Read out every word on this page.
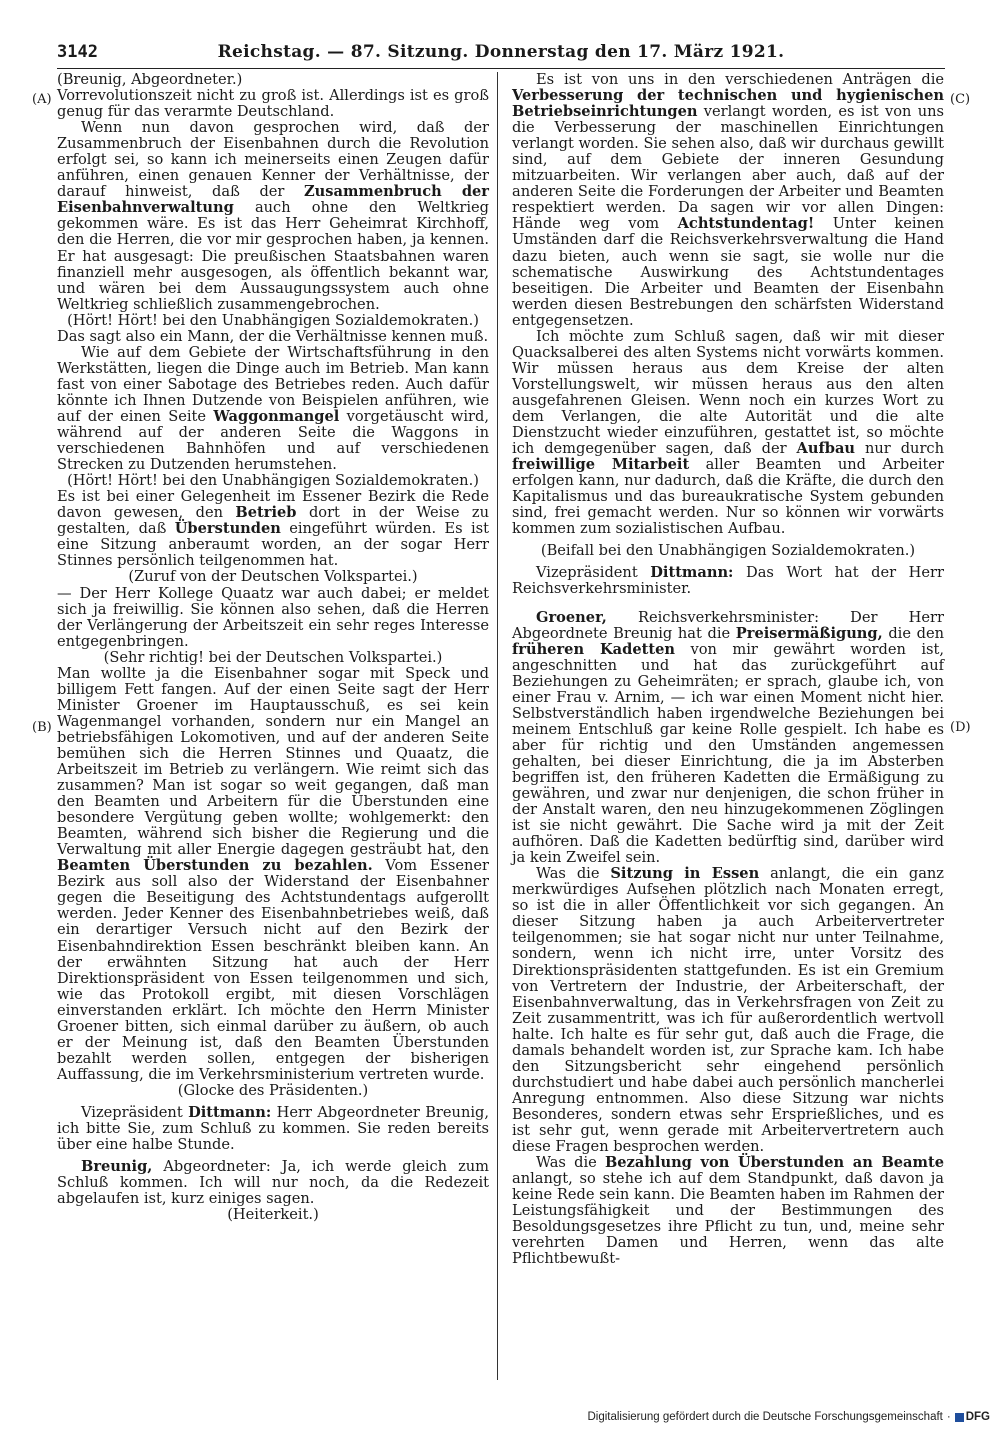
3142	Reichstag. — 87. Sitzung. Donnerstag den 17. März 1921.
(A)
(B)
(C)
(D)

(Breunig, Abgeordneter.)

Vorrevolutionszeit nicht zu groß ist. Allerdings ist es groß genug für das verarmte Deutschland.

Wenn nun davon gesprochen wird, daß der Zusammenbruch der Eisenbahnen durch die Revolution erfolgt sei, so kann ich meinerseits einen Zeugen dafür anführen, einen genauen Kenner der Verhältnisse, der darauf hinweist, daß der Zusammenbruch der Eisenbahnverwaltung auch ohne den Weltkrieg gekommen wäre. Es ist das Herr Geheimrat Kirchhoff, den die Herren, die vor mir gesprochen haben, ja kennen. Er hat ausgesagt: Die preußischen Staatsbahnen waren finanziell mehr ausgesogen, als öffentlich bekannt war, und wären bei dem Aussaugungssystem auch ohne Weltkrieg schließlich zusammengebrochen.

(Hört! Hört! bei den Unabhängigen Sozialdemokraten.)

Das sagt also ein Mann, der die Verhältnisse kennen muß.

Wie auf dem Gebiete der Wirtschaftsführung in den Werkstätten, liegen die Dinge auch im Betrieb. Man kann fast von einer Sabotage des Betriebes reden. Auch dafür könnte ich Ihnen Dutzende von Beispielen anführen, wie auf der einen Seite Waggonmangel vorgetäuscht wird, während auf der anderen Seite die Waggons in verschiedenen Bahnhöfen und auf verschiedenen Strecken zu Dutzenden herumstehen.

(Hört! Hört! bei den Unabhängigen Sozialdemokraten.)

Es ist bei einer Gelegenheit im Essener Bezirk die Rede davon gewesen, den Betrieb dort in der Weise zu gestalten, daß Überstunden eingeführt würden. Es ist eine Sitzung anberaumt worden, an der sogar Herr Stinnes persönlich teilgenommen hat.

(Zuruf von der Deutschen Volkspartei.)

— Der Herr Kollege Quaatz war auch dabei; er meldet sich ja freiwillig. Sie können also sehen, daß die Herren der Verlängerung der Arbeitszeit ein sehr reges Interesse entgegenbringen.

(Sehr richtig! bei der Deutschen Volkspartei.)

Man wollte ja die Eisenbahner sogar mit Speck und billigem Fett fangen. Auf der einen Seite sagt der Herr Minister Groener im Hauptausschuß, es sei kein Wagenmangel vorhanden, sondern nur ein Mangel an betriebsfähigen Lokomotiven, und auf der anderen Seite bemühen sich die Herren Stinnes und Quaatz, die Arbeitszeit im Betrieb zu verlängern. Wie reimt sich das zusammen? Man ist sogar so weit gegangen, daß man den Beamten und Arbeitern für die Überstunden eine besondere Vergütung geben wollte; wohlgemerkt: den Beamten, während sich bisher die Regierung und die Verwaltung mit aller Energie dagegen gesträubt hat, den Beamten Überstunden zu bezahlen. Vom Essener Bezirk aus soll also der Widerstand der Eisenbahner gegen die Beseitigung des Achtstundentags aufgerollt werden. Jeder Kenner des Eisenbahnbetriebes weiß, daß ein derartiger Versuch nicht auf den Bezirk der Eisenbahndirektion Essen beschränkt bleiben kann. An der erwähnten Sitzung hat auch der Herr Direktionspräsident von Essen teilgenommen und sich, wie das Protokoll ergibt, mit diesen Vorschlägen einverstanden erklärt. Ich möchte den Herrn Minister Groener bitten, sich einmal darüber zu äußern, ob auch er der Meinung ist, daß den Beamten Überstunden bezahlt werden sollen, entgegen der bisherigen Auffassung, die im Verkehrsministerium vertreten wurde.

(Glocke des Präsidenten.)

Vizepräsident Dittmann: Herr Abgeordneter Breunig, ich bitte Sie, zum Schluß zu kommen. Sie reden bereits über eine halbe Stunde.

Breunig, Abgeordneter: Ja, ich werde gleich zum Schluß kommen. Ich will nur noch, da die Redezeit abgelaufen ist, kurz einiges sagen.

(Heiterkeit.)

Es ist von uns in den verschiedenen Anträgen die Verbesserung der technischen und hygienischen Betriebseinrichtungen verlangt worden, es ist von uns die Verbesserung der maschinellen Einrichtungen verlangt worden. Sie sehen also, daß wir durchaus gewillt sind, auf dem Gebiete der inneren Gesundung mitzuarbeiten. Wir verlangen aber auch, daß auf der anderen Seite die Forderungen der Arbeiter und Beamten respektiert werden. Da sagen wir vor allen Dingen: Hände weg vom Achtstundentag! Unter keinen Umständen darf die Reichsverkehrsverwaltung die Hand dazu bieten, auch wenn sie sagt, sie wolle nur die schematische Auswirkung des Achtstundentages beseitigen. Die Arbeiter und Beamten der Eisenbahn werden diesen Bestrebungen den schärfsten Widerstand entgegensetzen.

Ich möchte zum Schluß sagen, daß wir mit dieser Quacksalberei des alten Systems nicht vorwärts kommen. Wir müssen heraus aus dem Kreise der alten Vorstellungswelt, wir müssen heraus aus den alten ausgefahrenen Gleisen. Wenn noch ein kurzes Wort zu dem Verlangen, die alte Autorität und die alte Dienstzucht wieder einzuführen, gestattet ist, so möchte ich demgegenüber sagen, daß der Aufbau nur durch freiwillige Mitarbeit aller Beamten und Arbeiter erfolgen kann, nur dadurch, daß die Kräfte, die durch den Kapitalismus und das bureaukratische System gebunden sind, frei gemacht werden. Nur so können wir vorwärts kommen zum sozialistischen Aufbau.

(Beifall bei den Unabhängigen Sozialdemokraten.)

Vizepräsident Dittmann: Das Wort hat der Herr Reichsverkehrsminister.

Groener, Reichsverkehrsminister: Der Herr Abgeordnete Breunig hat die Preisermäßigung, die den früheren Kadetten von mir gewährt worden ist, angeschnitten und hat das zurückgeführt auf Beziehungen zu Geheimräten; er sprach, glaube ich, von einer Frau v. Arnim, — ich war einen Moment nicht hier. Selbstverständlich haben irgendwelche Beziehungen bei meinem Entschluß gar keine Rolle gespielt. Ich habe es aber für richtig und den Umständen angemessen gehalten, bei dieser Einrichtung, die ja im Absterben begriffen ist, den früheren Kadetten die Ermäßigung zu gewähren, und zwar nur denjenigen, die schon früher in der Anstalt waren, den neu hinzugekommenen Zöglingen ist sie nicht gewährt. Die Sache wird ja mit der Zeit aufhören. Daß die Kadetten bedürftig sind, darüber wird ja kein Zweifel sein.

Was die Sitzung in Essen anlangt, die ein ganz merkwürdiges Aufsehen plötzlich nach Monaten erregt, so ist die in aller Öffentlichkeit vor sich gegangen. An dieser Sitzung haben ja auch Arbeitervertreter teilgenommen; sie hat sogar nicht nur unter Teilnahme, sondern, wenn ich nicht irre, unter Vorsitz des Direktionspräsidenten stattgefunden. Es ist ein Gremium von Vertretern der Industrie, der Arbeiterschaft, der Eisenbahnverwaltung, das in Verkehrsfragen von Zeit zu Zeit zusammentritt, was ich für außerordentlich wertvoll halte. Ich halte es für sehr gut, daß auch die Frage, die damals behandelt worden ist, zur Sprache kam. Ich habe den Sitzungsbericht sehr eingehend persönlich durchstudiert und habe dabei auch persönlich mancherlei Anregung entnommen. Also diese Sitzung war nichts Besonderes, sondern etwas sehr Ersprießliches, und es ist sehr gut, wenn gerade mit Arbeitervertretern auch diese Fragen besprochen werden.

Was die Bezahlung von Überstunden an Beamte anlangt, so stehe ich auf dem Standpunkt, daß davon ja keine Rede sein kann. Die Beamten haben im Rahmen der Leistungsfähigkeit und der Bestimmungen des Besoldungsgesetzes ihre Pflicht zu tun, und, meine sehr verehrten Damen und Herren, wenn das alte Pflichtbewußt-

Digitalisierung gefördert durch die Deutsche Forschungsgemeinschaft · DFG
